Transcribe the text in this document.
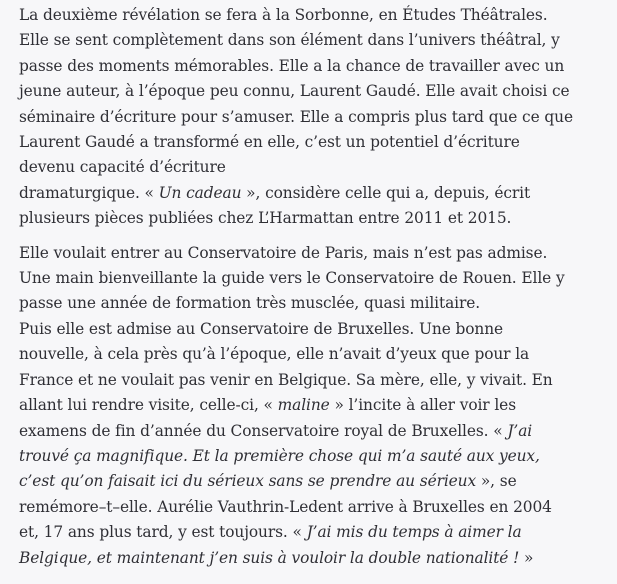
La deuxième révélation se fera à la Sorbonne, en Études Théâtrales.
Elle se sent complètement dans son élément dans l’univers théâtral, y
passe des moments mémorables. Elle a la chance de travailler avec un
jeune auteur, à l’époque peu connu, Laurent Gaudé. Elle avait choisi ce
séminaire d’écriture pour s’amuser. Elle a compris plus tard que ce que
Laurent Gaudé a transformé en elle, c’est un potentiel d’écriture
devenu capacité d’écriture
dramaturgique. « Un cadeau », considère celle qui a, depuis, écrit
plusieurs pièces publiées chez L’Harmattan entre 2011 et 2015.

Elle voulait entrer au Conservatoire de Paris, mais n’est pas admise.
Une main bienveillante la guide vers le Conservatoire de Rouen. Elle y
passe une année de formation très musclée, quasi militaire.
Puis elle est admise au Conservatoire de Bruxelles. Une bonne
nouvelle, à cela près qu’à l’époque, elle n’avait d’yeux que pour la
France et ne voulait pas venir en Belgique. Sa mère, elle, y vivait. En
allant lui rendre visite, celle-ci, « maline » l’incite à aller voir les
examens de fin d’année du Conservatoire royal de Bruxelles. « J’ai
trouvé ça magnifique. Et la première chose qui m’a sauté aux yeux,
c’est qu’on faisait ici du sérieux sans se prendre au sérieux », se
remémore–t–elle. Aurélie Vauthrin-Ledent arrive à Bruxelles en 2004
et, 17 ans plus tard, y est toujours. « J’ai mis du temps à aimer la
Belgique, et maintenant j’en suis à vouloir la double nationalité ! »
